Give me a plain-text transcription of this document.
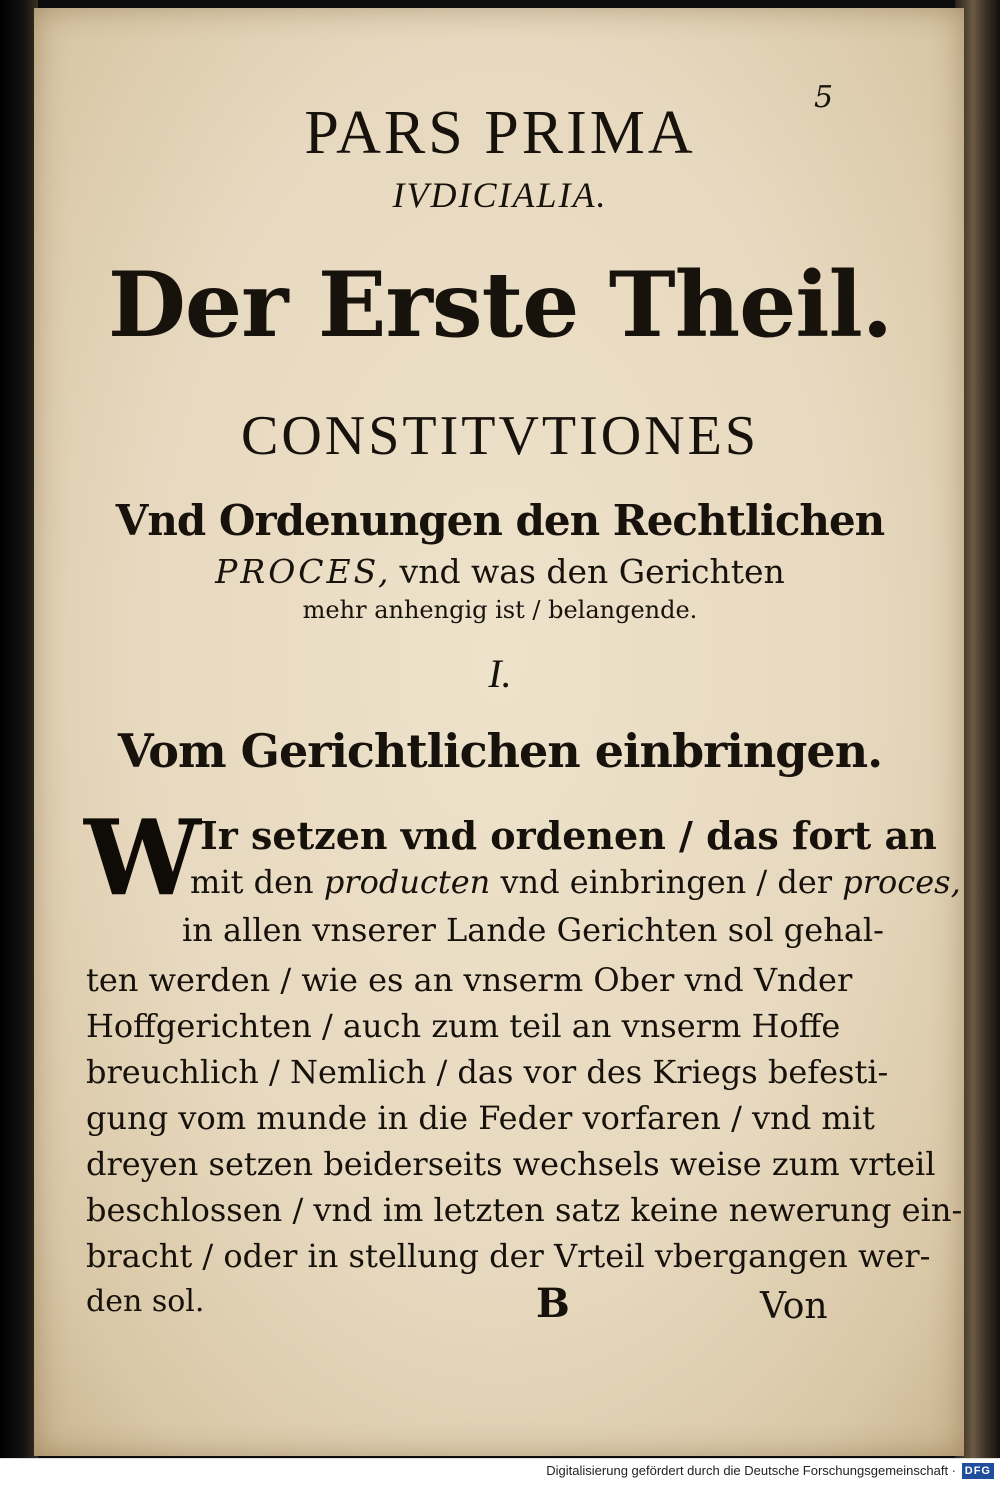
5
PARS PRIMA
IVDICIALIA.
Der Erste Theil.
CONSTITVTIONES
Vnd Ordenungen den Rechtlichen
PROCES, vnd was den Gerichten
mehr anhengig ist / belangende.
I.
Vom Gerichtlichen einbringen.
W Ir setzen vnd ordenen / das fort an
mit den producten vnd einbringen / der proces,
in allen vnserer Lande Gerichten sol gehal-
ten werden / wie es an vnserm Ober vnd Vnder
Hoffgerichten / auch zum teil an vnserm Hoffe
breuchlich / Nemlich / das vor des Kriegs befesti-
gung vom munde in die Feder vorfaren / vnd mit
dreyen setzen beiderseits wechsels weise zum vrteil
beschlossen / vnd im letzten satz keine newerung ein-
bracht / oder in stellung der Vrteil vbergangen wer-
den sol.	B	Von
Digitalisierung gefördert durch die Deutsche Forschungsgemeinschaft · DFG
